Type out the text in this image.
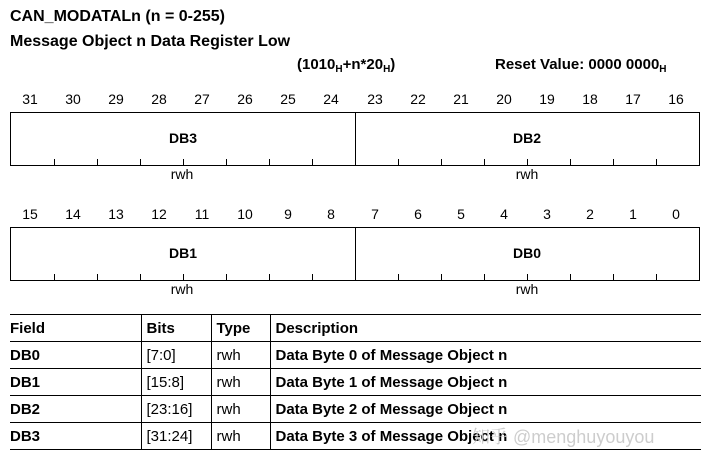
CAN_MODATALn (n = 0-255)
Message Object n Data Register Low
$(1010_H+n*20_H)$	Reset Value: 0000 $0000_H$
31	30	29	28	27	26	25	24	23	22	21	20	19	18	17	16
DB3	DB2
rwh	rwh
15	14	13	12	11	10	9	8	7	6	5	4	3	2	1	0
DB1	DB0
rwh	rwh
Field	Bits	Type	Description
DB0	[7:0]	rwh	Data Byte 0 of Message Object n
DB1	[15:8]	rwh	Data Byte 1 of Message Object n
DB2	[23:16]	rwh	Data Byte 2 of Message Object n
DB3	[31:24]	rwh	Data Byte 3 of Message Object n
知乎 @menghuyouyou
